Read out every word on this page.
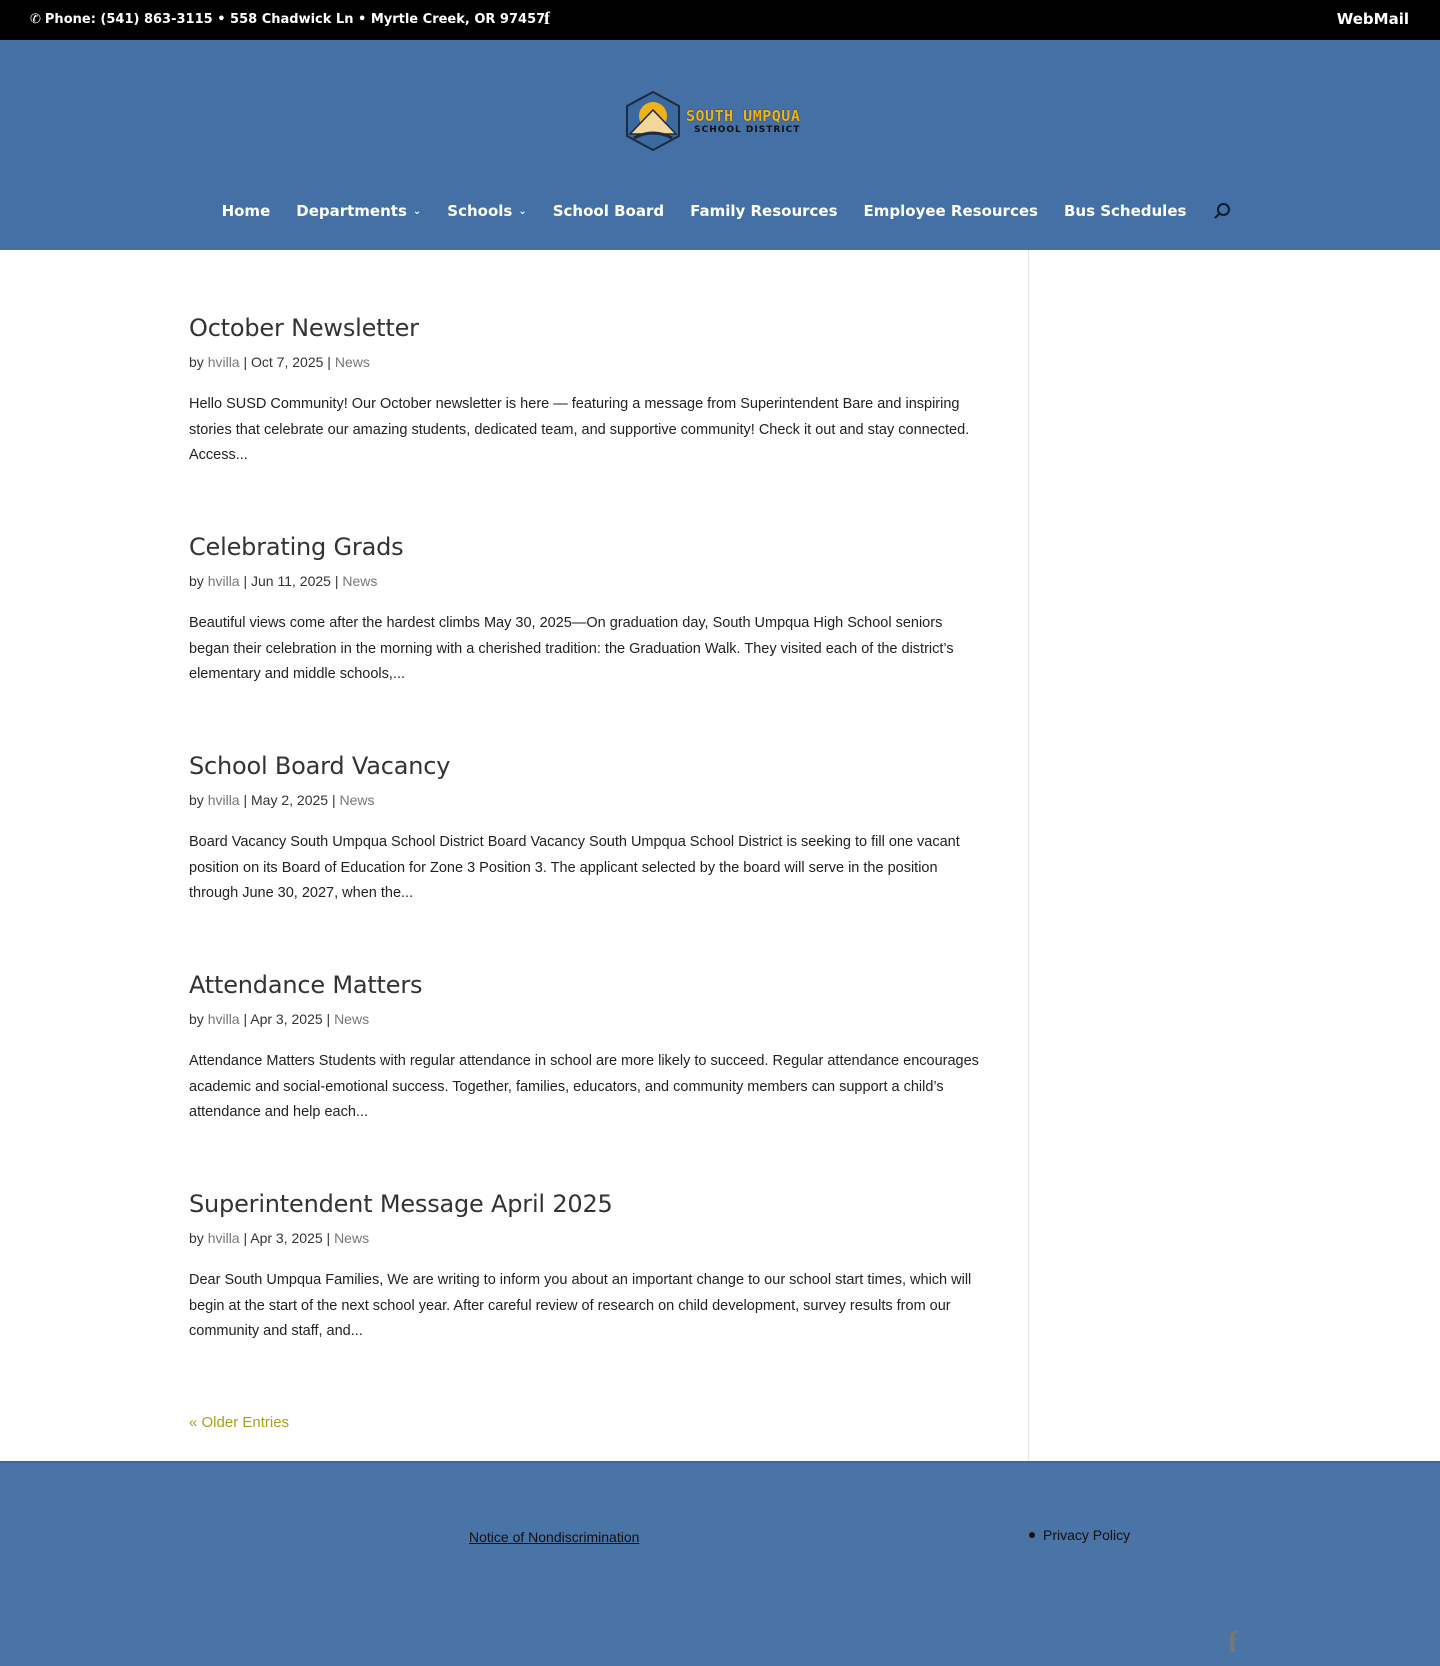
✆ Phone: (541) 863-3115 • 558 Chadwick Ln • Myrtle Creek, OR 97457
f	WebMail
SOUTH UMPQUA
SCHOOL DISTRICT
Home Departments ⌄ Schools ⌄ School Board Family Resources Employee Resources Bus Schedules
October Newsletter
by hvilla | Oct 7, 2025 | News

Hello SUSD Community! Our October newsletter is here — featuring a message from Superintendent Bare and inspiring stories that celebrate our amazing students, dedicated team, and supportive community! Check it out and stay connected. Access...

Celebrating Grads
by hvilla | Jun 11, 2025 | News

Beautiful views come after the hardest climbs May 30, 2025—On graduation day, South Umpqua High School seniors began their celebration in the morning with a cherished tradition: the Graduation Walk. They visited each of the district’s elementary and middle schools,...

School Board Vacancy
by hvilla | May 2, 2025 | News

Board Vacancy South Umpqua School District Board Vacancy South Umpqua School District is seeking to fill one vacant position on its Board of Education for Zone 3 Position 3. The applicant selected by the board will serve in the position through June 30, 2027, when the...

Attendance Matters
by hvilla | Apr 3, 2025 | News

Attendance Matters Students with regular attendance in school are more likely to succeed. Regular attendance encourages academic and social-emotional success. Together, families, educators, and community members can support a child’s attendance and help each...

Superintendent Message April 2025
by hvilla | Apr 3, 2025 | News

Dear South Umpqua Families, We are writing to inform you about an important change to our school start times, which will begin at the start of the next school year. After careful review of research on child development, survey results from our community and staff, and...

« Older Entries
Notice of Nondiscrimination	Privacy Policy
f
